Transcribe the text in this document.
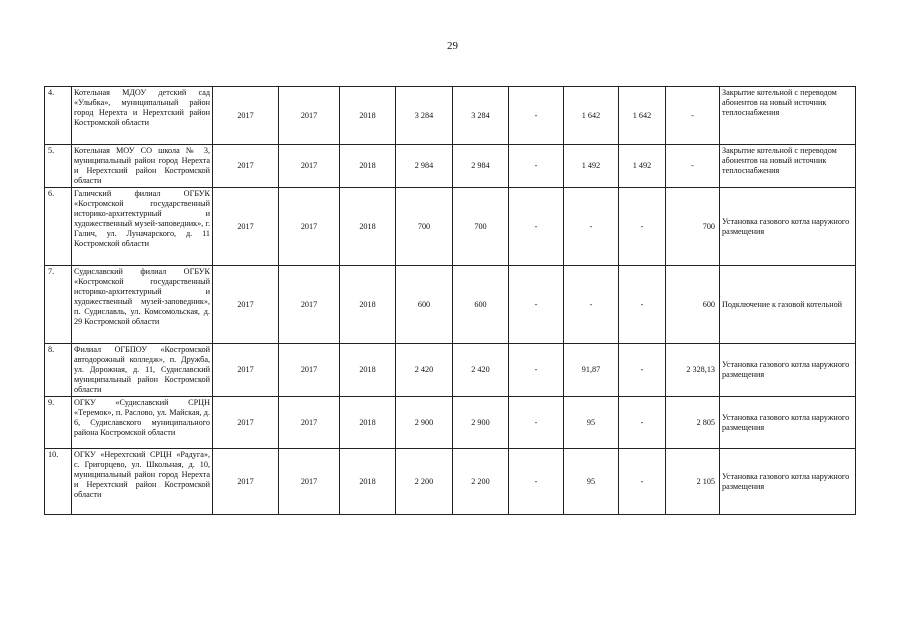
29
4.	Котельная МДОУ детский сад «Улыбка», муниципальный район город Нерехта и Нерехтский район Костромской области	2017	2017	2018	3 284	3 284	-	1 642	1 642	-	Закрытие котельной с переводом абонентов на новый источник теплоснабжения
5.	Котельная МОУ СО школа № 3, муниципальный район город Нерехта и Нерехтский район Костромской области	2017	2017	2018	2 984	2 984	-	1 492	1 492	-	Закрытие котельной с переводом абонентов на новый источник теплоснабжения
6.	Галичский филиал ОГБУК «Костромской государственный историко-архитектурный и художественный музей-заповедник», г. Галич, ул. Луначарского, д. 11 Костромской области	2017	2017	2018	700	700	-	-	-	700	Установка газового котла наружного размещения
7.	Судиславский филиал ОГБУК «Костромской государственный историко-архитектурный и художественный музей-заповедник», п. Судиславль, ул. Комсомольская, д. 29 Костромской области	2017	2017	2018	600	600	-	-	-	600	Подключение к газовой котельной
8.	Филиал ОГБПОУ «Костромской автодорожный колледж», п. Дружба, ул. Дорожная, д. 11, Судиславский муниципальный район Костромской области	2017	2017	2018	2 420	2 420	-	91,87	-	2 328,13	Установка газового котла наружного размещения
9.	ОГКУ «Судиславский СРЦН «Теремок», п. Раслово, ул. Майская, д. 6, Судиславского муниципального района Костромской области	2017	2017	2018	2 900	2 900	-	95	-	2 805	Установка газового котла наружного размещения
10.	ОГКУ «Нерехтский СРЦН «Радуга», с. Григорцево, ул. Школьная, д. 10, муниципальный район город Нерехта и Нерехтский район Костромской области	2017	2017	2018	2 200	2 200	-	95	-	2 105	Установка газового котла наружного размещения
